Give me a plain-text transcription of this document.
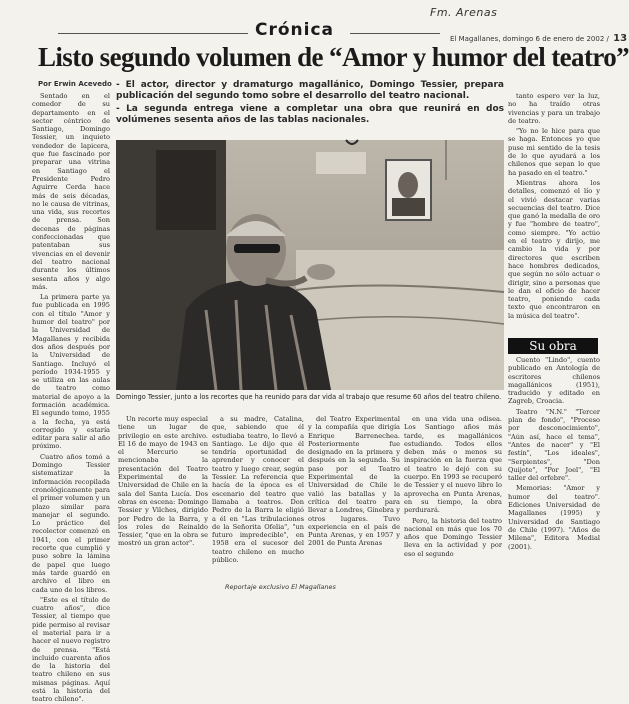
Fm. Arenas
Crónica	El Magallanes, domingo 6 de enero de 2002 / 13
Listo segundo volumen de “Amor y humor del teatro”
Por Erwin Acevedo - El actor, director y dramaturgo magallánico, Domingo Tessier, prepara publicación del segundo tomo sobre el desarrollo del teatro nacional.

- La segunda entrega viene a completar una obra que reunirá en dos volúmenes sesenta años de las tablas nacionales.

Sentado en el comedor de su departamento en el sector céntrico de Santiago, Domingo Tessier, un inquieto vendedor de lapicera, que fue fascinado por preparar una vitrina en Santiago el Presidente Pedro Aguirre Cerda hace más de seis décadas, no le causa de vitrinas, una vida, sus recortes de prensa. Son decenas de páginas confeccionadas que patentaban sus vivencias en el devenir del teatro nacional durante los últimos sesenta años y algo más.

La primera parte ya fue publicada en 1995 con el título "Amor y humor del teatro" por la Universidad de Magallanes y recibida dos años después por la Universidad de Santiago. Incluyó el período 1934-1955 y se utiliza en las aulas de teatro como material de apoyo a la formación académica. El segundo tomo, 1955 a la fecha, ya está corregido y estaría editar para salir al año próximo.

Cuatro años tomó a Domingo Tessier sistematizar la información recopilada cronológicamente para el primer volumen y un plazo similar para manejar el segundo. Lo práctico del recolector comenzó en 1941, con el primer recorte que cumplió y puso sobre la lámina de papel que luego más tarde guardó en archivo el libro en cada uno de los libros.

"Este es el título de cuatro años", dice Tessier, al tiempo que pide permiso al revisar el material para ir a hacer el nuevo registro de prensa. "Está incluido cuarenta años de la historia del teatro chileno en sus mismas páginas. Aquí está la historia del teatro chileno".

Domingo Tessier, junto a los recortes que ha reunido para dar vida al trabajo que resume 60 años del teatro chileno.

tanto espero ver la luz, no ha traído otras vivencias y para un trabajo de teatro.

"Yo no le hice para que se haga. Entonces yo que puse mi sentido de la tesis de lo que ayudará a los chilenos que sepan lo que ha pasado en el teatro."

Mientras ahora los detalles, comenzó el lío y el vivió destacar varias secuencias del teatro. Dice que ganó la medalla de oro y fue "hombre de teatro", como siempre. "Yo actúo en el teatro y dirijo, me cambio la vida y por directores que escriben hace hombres dedicados, que según no sólo actuar o dirigir, sino a personas que le dan el oficio de hacer teatro, poniendo cada texto que encontraron en la música del teatro".

Su obra

Cuento "Lindo", cuento publicado en Antología de escritores chilenos magallánicos (1951), traducido y editado en Zagreb, Croacia.

Teatro "N.N." "Tercer plan de fondo", "Proceso por desconocimiento", "Aún así, hace el tema", "Antes de nacer" y "El festín", "Los ideales", "Serpientes", "Don Quijote", "Por Joel", "El taller del orfebre".

Memorias: "Amor y humor del teatro". Ediciones Universidad de Magallanes (1995) y Universidad de Santiago de Chile (1997). "Años de Milena", Editora Medial (2001).

Un recorte muy especial tiene un lugar de privilegio en este archivo. El 16 de mayo de 1943 en el Mercurio se mencionaba la presentación del Teatro Experimental de la Universidad de Chile en la sala del Santa Lucía. Dos obras en escena: Domingo Tessier y Vilches, dirigido por Pedro de la Barra, y los roles de Reinaldo Tessier, "que en la obra se mostró un gran actor".

a su madre, Catalina, que, sabiendo que él estudiaba teatro, lo llevó a Santiago. Le dijo que él tendría oportunidad de aprender y conocer el teatro y luego crear, según Tessier. La referencia que hacía de la época es el escenario del teatro que llamaba a teatros. Don Pedro de la Barra le eligió a él en "Las tribulaciones de la Señorita Ofelia", "un futuro impredecible", en 1958 era el sucesor del teatro chileno en mucho público.

del Teatro Experimental y la compañía que dirigía Enrique Barrenechea. Posteriormente fue designado en la primera y después en la segunda. Su paso por el Teatro Experimental de la Universidad de Chile le valió las batallas y la crítica del teatro para llevar a Londres, Ginebra y otros lugares. Tuvo experiencia en el país de Punta Arenas, y en 1957 y 2001 de Punta Arenas

en una vida una odisea. Los Santiago años más tarde, es magallánicos estudiando. Todos ellos deben más o menos su inspiración en la fuerza que el teatro le dejó con su cuerpo. En 1993 se recuperó de Tessier y el nuevo libro lo aprovecha en Punta Arenas, en su tiempo, la obra perdurará.

Pero, la historia del teatro nacional en más que los 70 años que Domingo Tessier lleva en la actividad y por eso el segundo

Reportaje exclusivo El Magallanes
